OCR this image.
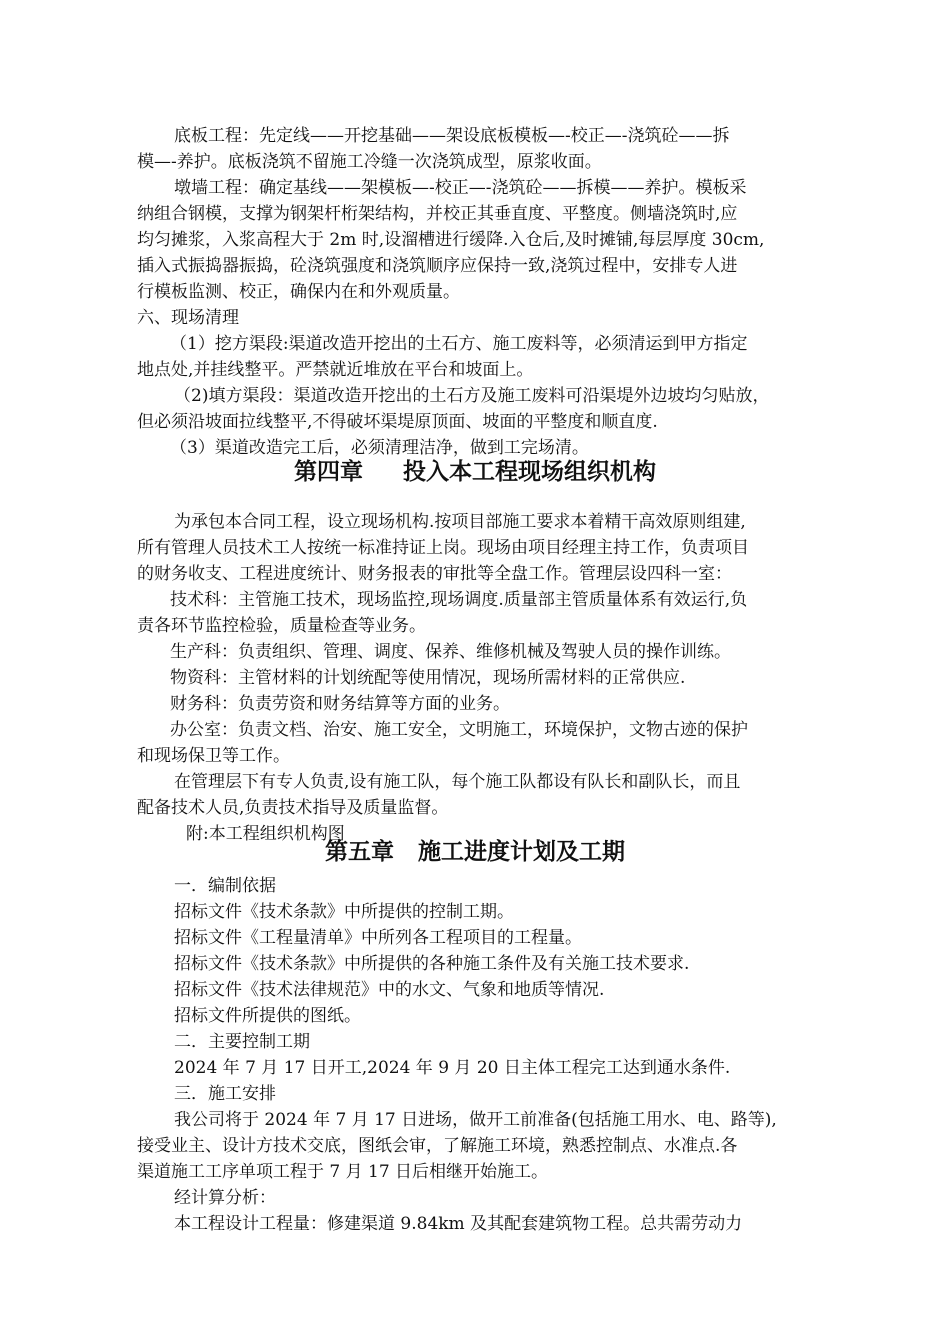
底板工程：先定线——开挖基础——架设底板模板—-校正—-浇筑砼——拆
模—-养护。底板浇筑不留施工冷缝一次浇筑成型，原浆收面。
墩墙工程：确定基线——架模板—-校正—-浇筑砼——拆模——养护。模板采
纳组合钢模，支撑为钢架杆桁架结构，并校正其垂直度、平整度。侧墙浇筑时,应
均匀摊浆，入浆高程大于 2m 时,设溜槽进行缓降.入仓后,及时摊铺,每层厚度 30cm,
插入式振捣器振捣，砼浇筑强度和浇筑顺序应保持一致,浇筑过程中，安排专人进
行模板监测、校正，确保内在和外观质量。
六、现场清理
（1）挖方渠段:渠道改造开挖出的土石方、施工废料等，必须清运到甲方指定
地点处,并挂线整平。严禁就近堆放在平台和坡面上。
（2)填方渠段：渠道改造开挖出的土石方及施工废料可沿渠堤外边坡均匀贴放，
但必须沿坡面拉线整平,不得破坏渠堤原顶面、坡面的平整度和顺直度.
（3）渠道改造完工后，必须清理洁净，做到工完场清。
第四章     投入本工程现场组织机构
为承包本合同工程，设立现场机构.按项目部施工要求本着精干高效原则组建,
所有管理人员技术工人按统一标准持证上岗。现场由项目经理主持工作，负责项目
的财务收支、工程进度统计、财务报表的审批等全盘工作。管理层设四科一室：
技术科：主管施工技术，现场监控,现场调度.质量部主管质量体系有效运行,负
责各环节监控检验，质量检查等业务。
生产科：负责组织、管理、调度、保养、维修机械及驾驶人员的操作训练。
物资科：主管材料的计划统配等使用情况，现场所需材料的正常供应.
财务科：负责劳资和财务结算等方面的业务。
办公室：负责文档、治安、施工安全，文明施工，环境保护，文物古迹的保护
和现场保卫等工作。
在管理层下有专人负责,设有施工队，每个施工队都设有队长和副队长，而且
配备技术人员,负责技术指导及质量监督。
附:本工程组织机构图
第五章   施工进度计划及工期
一．编制依据
招标文件《技术条款》中所提供的控制工期。
招标文件《工程量清单》中所列各工程项目的工程量。
招标文件《技术条款》中所提供的各种施工条件及有关施工技术要求.
招标文件《技术法律规范》中的水文、气象和地质等情况.
招标文件所提供的图纸。
二．主要控制工期
2024 年 7 月 17 日开工,2024 年 9 月 20 日主体工程完工达到通水条件.
三．施工安排
我公司将于 2024 年 7 月 17 日进场，做开工前准备(包括施工用水、电、路等),
接受业主、设计方技术交底，图纸会审，了解施工环境，熟悉控制点、水准点.各
渠道施工工序单项工程于 7 月 17 日后相继开始施工。
经计算分析：
本工程设计工程量：修建渠道 9.84km 及其配套建筑物工程。总共需劳动力
